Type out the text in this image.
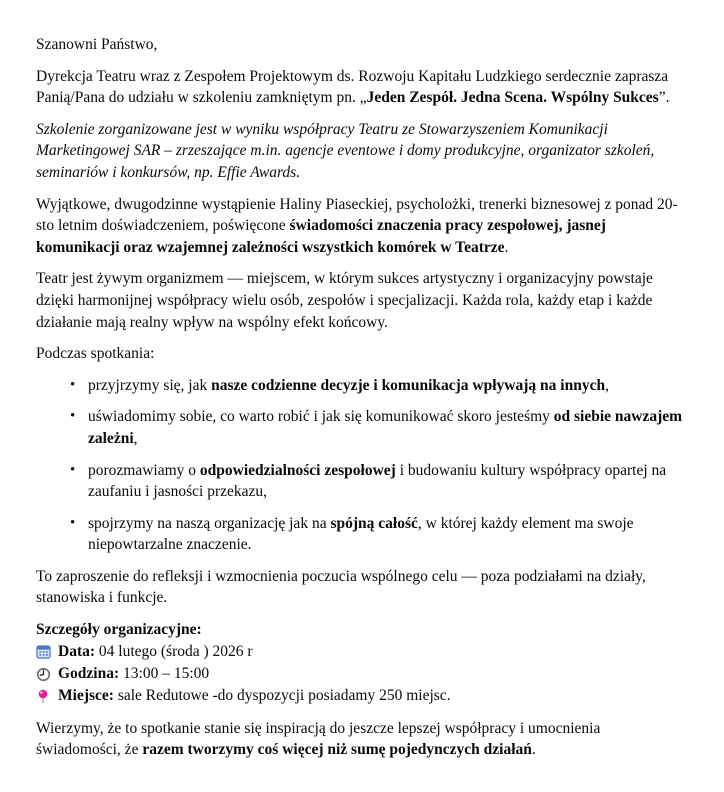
Szanowni Państwo,

Dyrekcja Teatru wraz z Zespołem Projektowym ds. Rozwoju Kapitału Ludzkiego serdecznie zaprasza Panią/Pana do udziału w szkoleniu zamkniętym pn. „Jeden Zespół. Jedna Scena. Wspólny Sukces”.

Szkolenie zorganizowane jest w wyniku współpracy Teatru ze Stowarzyszeniem Komunikacji Marketingowej SAR – zrzeszające m.in. agencje eventowe i domy produkcyjne, organizator szkoleń, seminariów i konkursów, np. Effie Awards.

Wyjątkowe, dwugodzinne wystąpienie Haliny Piaseckiej, psycholożki, trenerki biznesowej z ponad 20-sto letnim doświadczeniem, poświęcone świadomości znaczenia pracy zespołowej, jasnej komunikacji oraz wzajemnej zależności wszystkich komórek w Teatrze.

Teatr jest żywym organizmem — miejscem, w którym sukces artystyczny i organizacyjny powstaje dzięki harmonijnej współpracy wielu osób, zespołów i specjalizacji. Każda rola, każdy etap i każde działanie mają realny wpływ na wspólny efekt końcowy.

Podczas spotkania:

• przyjrzymy się, jak nasze codzienne decyzje i komunikacja wpływają na innych,
• uświadomimy sobie, co warto robić i jak się komunikować skoro jesteśmy od siebie nawzajem zależni,
• porozmawiamy o odpowiedzialności zespołowej i budowaniu kultury współpracy opartej na zaufaniu i jasności przekazu,
• spojrzymy na naszą organizację jak na spójną całość, w której każdy element ma swoje niepowtarzalne znaczenie.

To zaproszenie do refleksji i wzmocnienia poczucia wspólnego celu — poza podziałami na działy, stanowiska i funkcje.

Szczegóły organizacyjne:
Data: 04 lutego (środa ) 2026 r
Godzina: 13:00 – 15:00
Miejsce: sale Redutowe -do dyspozycji posiadamy 250 miejsc.

Wierzymy, że to spotkanie stanie się inspiracją do jeszcze lepszej współpracy i umocnienia świadomości, że razem tworzymy coś więcej niż sumę pojedynczych działań.
